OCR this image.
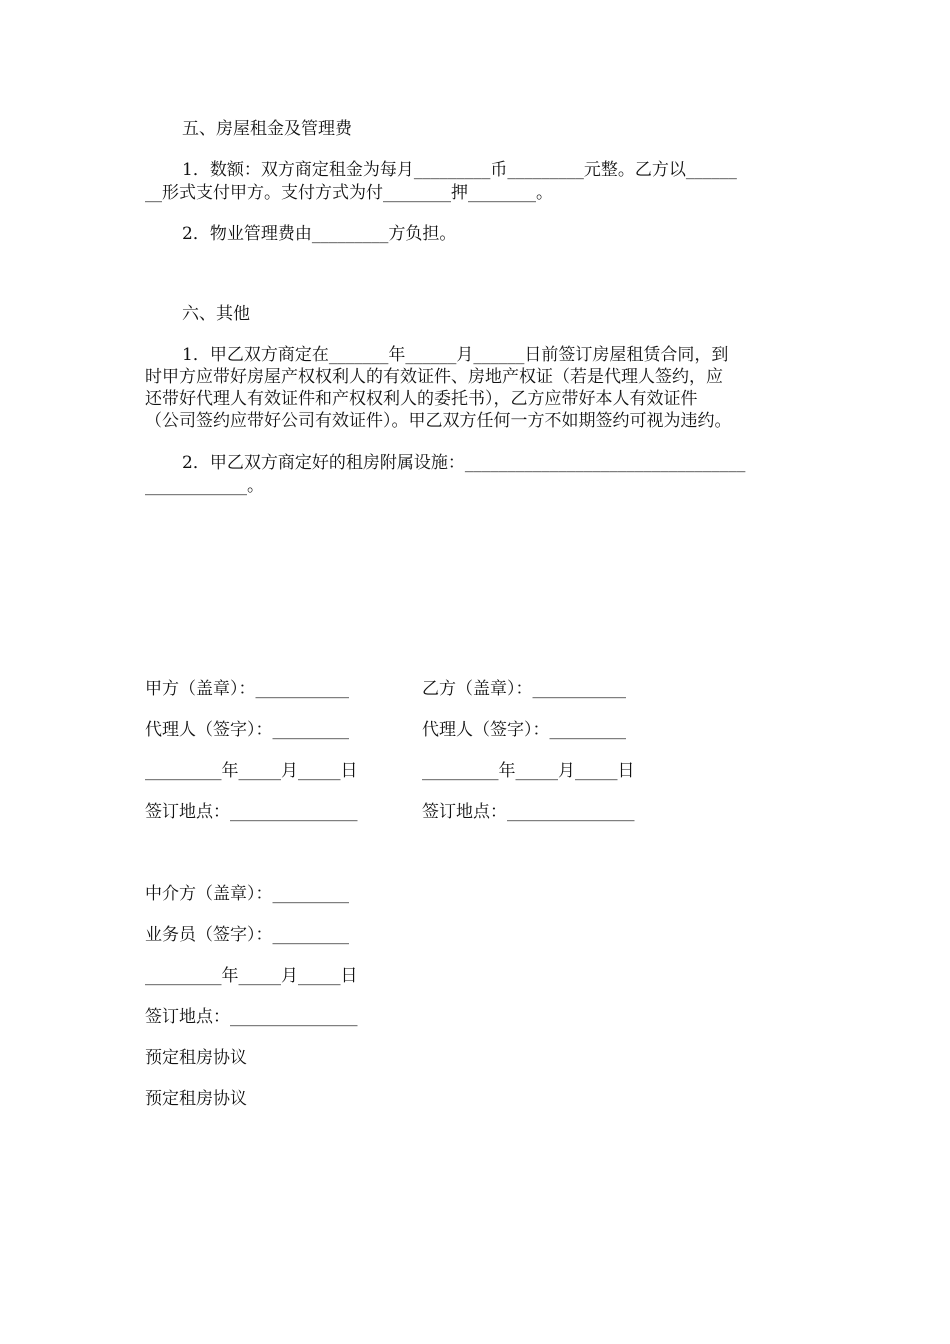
五、房屋租金及管理费
1．数额：双方商定租金为每月_________币_________元整。乙方以______
__形式支付甲方。支付方式为付________押________。
2．物业管理费由_________方负担。
六、其他
1．甲乙双方商定在_______年______月______日前签订房屋租赁合同，到
时甲方应带好房屋产权权利人的有效证件、房地产权证（若是代理人签约，应
还带好代理人有效证件和产权权利人的委托书），乙方应带好本人有效证件
（公司签约应带好公司有效证件）。甲乙双方任何一方不如期签约可视为违约。
2．甲乙双方商定好的租房附属设施：_________________________________
____________。
甲方（盖章）：___________	乙方（盖章）：___________
代理人（签字）：_________	代理人（签字）：_________
_________年_____月_____日	_________年_____月_____日
签订地点：_______________	签订地点：_______________
中介方（盖章）：_________
业务员（签字）：_________
_________年_____月_____日
签订地点：_______________
预定租房协议
预定租房协议
